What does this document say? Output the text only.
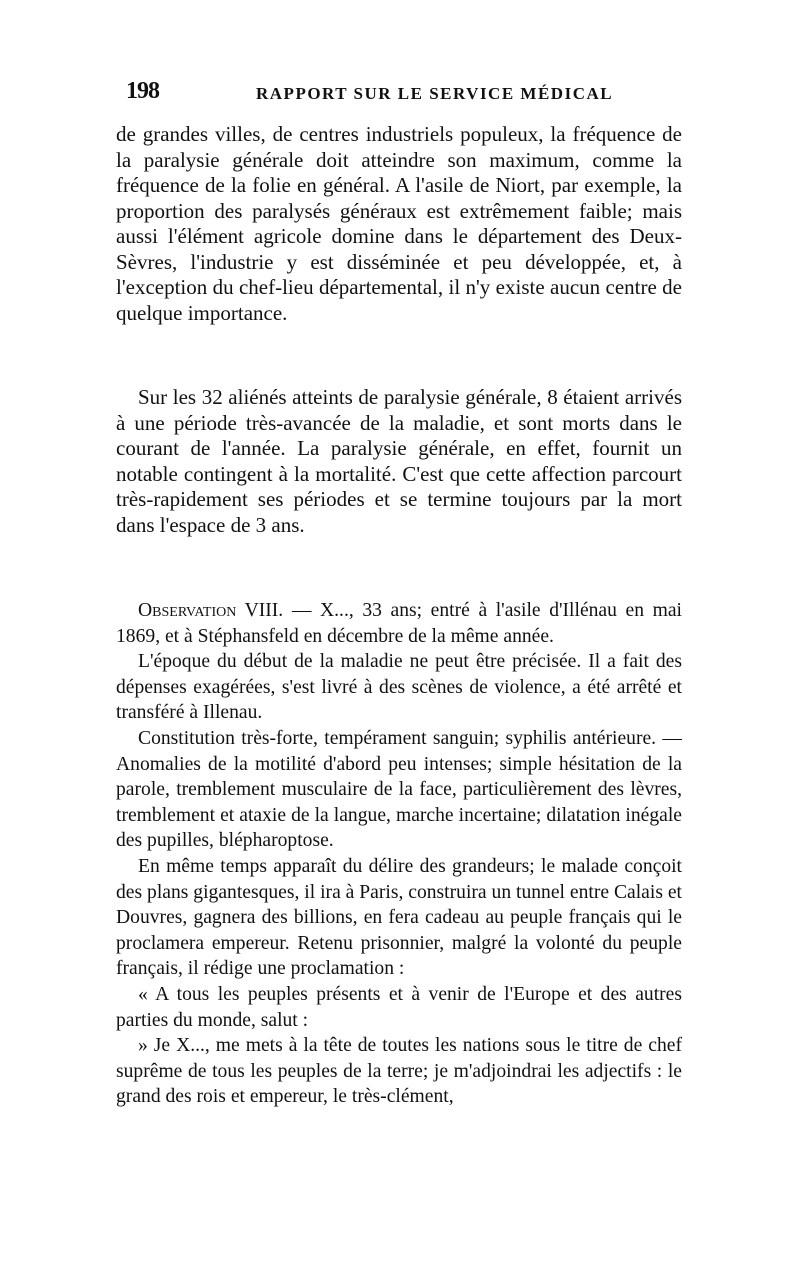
198	RAPPORT SUR LE SERVICE MÉDICAL

de grandes villes, de centres industriels populeux, la fréquence de la paralysie générale doit atteindre son maximum, comme la fréquence de la folie en général. A l'asile de Niort, par exemple, la proportion des paralysés généraux est extrêmement faible; mais aussi l'élément agricole domine dans le département des Deux-Sèvres, l'industrie y est disséminée et peu développée, et, à l'exception du chef-lieu départemental, il n'y existe aucun centre de quelque importance.

Sur les 32 aliénés atteints de paralysie générale, 8 étaient arrivés à une période très-avancée de la maladie, et sont morts dans le courant de l'année. La paralysie générale, en effet, fournit un notable contingent à la mortalité. C'est que cette affection parcourt très-rapidement ses périodes et se termine toujours par la mort dans l'espace de 3 ans.

Observation VIII. — X..., 33 ans; entré à l'asile d'Illénau en mai 1869, et à Stéphansfeld en décembre de la même année.

L'époque du début de la maladie ne peut être précisée. Il a fait des dépenses exagérées, s'est livré à des scènes de violence, a été arrêté et transféré à Illenau.

Constitution très-forte, tempérament sanguin; syphilis antérieure. — Anomalies de la motilité d'abord peu intenses; simple hésitation de la parole, tremblement musculaire de la face, particulièrement des lèvres, tremblement et ataxie de la langue, marche incertaine; dilatation inégale des pupilles, blépharoptose.

En même temps apparaît du délire des grandeurs; le malade conçoit des plans gigantesques, il ira à Paris, construira un tunnel entre Calais et Douvres, gagnera des billions, en fera cadeau au peuple français qui le proclamera empereur. Retenu prisonnier, malgré la volonté du peuple français, il rédige une proclamation :

« A tous les peuples présents et à venir de l'Europe et des autres parties du monde, salut :

» Je X..., me mets à la tête de toutes les nations sous le titre de chef suprême de tous les peuples de la terre; je m'adjoindrai les adjectifs : le grand des rois et empereur, le très-clément,
